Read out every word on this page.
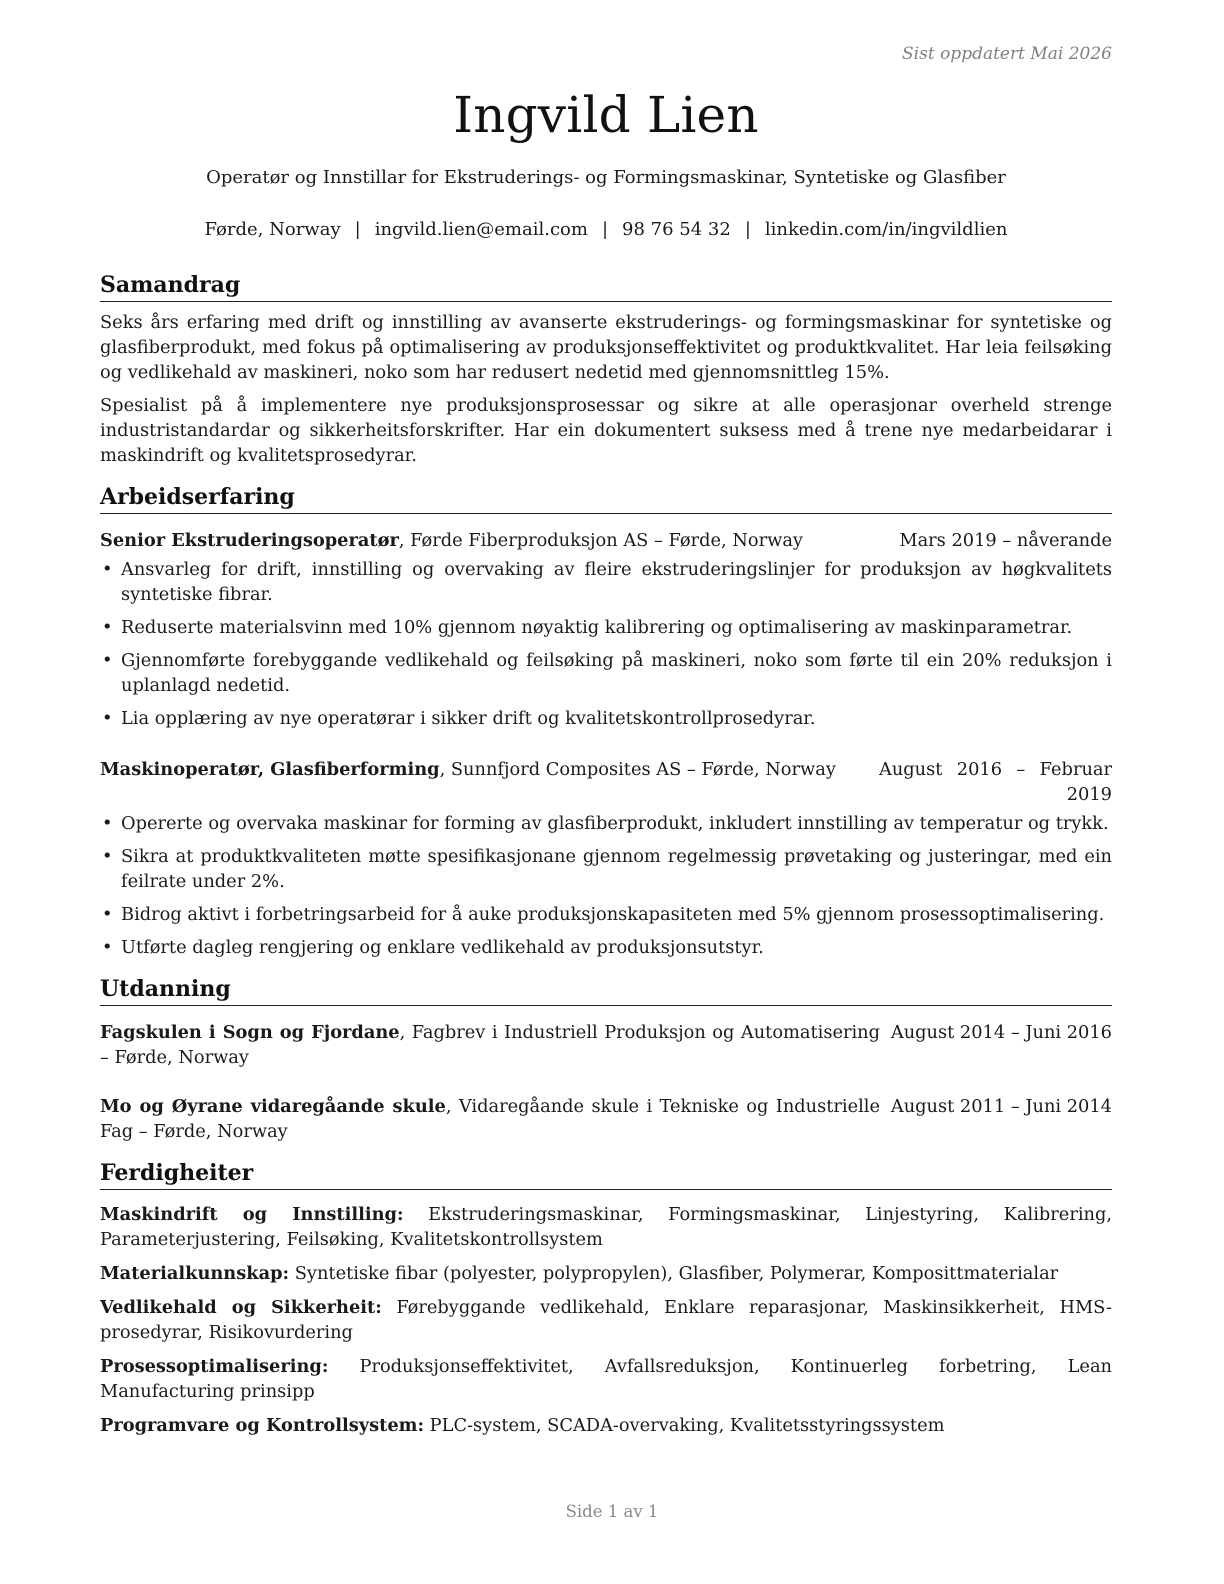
Sist oppdatert Mai 2026
Ingvild Lien
Operatør og Innstillar for Ekstruderings- og Formingsmaskinar, Syntetiske og Glasfiber
Førde, Norway | ingvild.lien@email.com | 98 76 54 32 | linkedin.com/in/ingvildlien
Samandrag

Seks års erfaring med drift og innstilling av avanserte ekstruderings- og formingsmaskinar for syntetiske og glasfiberprodukt, med fokus på optimalisering av produksjonseffektivitet og produktkvalitet. Har leia feilsøking og vedlikehald av maskineri, noko som har redusert nedetid med gjennomsnittleg 15%.

Spesialist på å implementere nye produksjonsprosessar og sikre at alle operasjonar overheld strenge industristandardar og sikkerheitsforskrifter. Har ein dokumentert suksess med å trene nye medarbeidarar i maskindrift og kvalitetsprosedyrar.

Arbeidserfaring
Senior Ekstruderingsoperatør, Førde Fiberproduksjon AS – Førde, Norway	Mars 2019 – nåverande
• Ansvarleg for drift, innstilling og overvaking av fleire ekstruderingslinjer for produksjon av høgkvalitets syntetiske fibrar.
• Reduserte materialsvinn med 10% gjennom nøyaktig kalibrering og optimalisering av maskinparametrar.
• Gjennomførte forebyggande vedlikehald og feilsøking på maskineri, noko som førte til ein 20% reduksjon i uplanlagd nedetid.
• Lia opplæring av nye operatørar i sikker drift og kvalitetskontrollprosedyrar.
Maskinoperatør, Glasfiberforming, Sunnfjord Composites AS – Førde, Norway	August 2016 – Februar 2019
• Opererte og overvaka maskinar for forming av glasfiberprodukt, inkludert innstilling av temperatur og trykk.
• Sikra at produktkvaliteten møtte spesifikasjonane gjennom regelmessig prøvetaking og justeringar, med ein feilrate under 2%.
• Bidrog aktivt i forbetringsarbeid for å auke produksjonskapasiteten med 5% gjennom prosessoptimalisering.
• Utførte dagleg rengjering og enklare vedlikehald av produksjonsutstyr.
Utdanning
Fagskulen i Sogn og Fjordane, Fagbrev i Industriell Produksjon og Automatisering – Førde, Norway
August 2014 – Juni 2016
Mo og Øyrane vidaregåande skule, Vidaregåande skule i Tekniske og Industrielle Fag – Førde, Norway
August 2011 – Juni 2014
Ferdigheiter
Maskindrift og Innstilling: Ekstruderingsmaskinar, Formingsmaskinar, Linjestyring, Kalibrering, Parameterjustering, Feilsøking, Kvalitetskontrollsystem
Materialkunnskap: Syntetiske fibar (polyester, polypropylen), Glasfiber, Polymerar, Komposittmaterialar
Vedlikehald og Sikkerheit: Førebyggande vedlikehald, Enklare reparasjonar, Maskinsikkerheit, HMS-prosedyrar, Risikovurdering
Prosessoptimalisering: Produksjonseffektivitet, Avfallsreduksjon, Kontinuerleg forbetring, Lean Manufacturing prinsipp
Programvare og Kontrollsystem: PLC-system, SCADA-overvaking, Kvalitetsstyringssystem
Side 1 av 1
